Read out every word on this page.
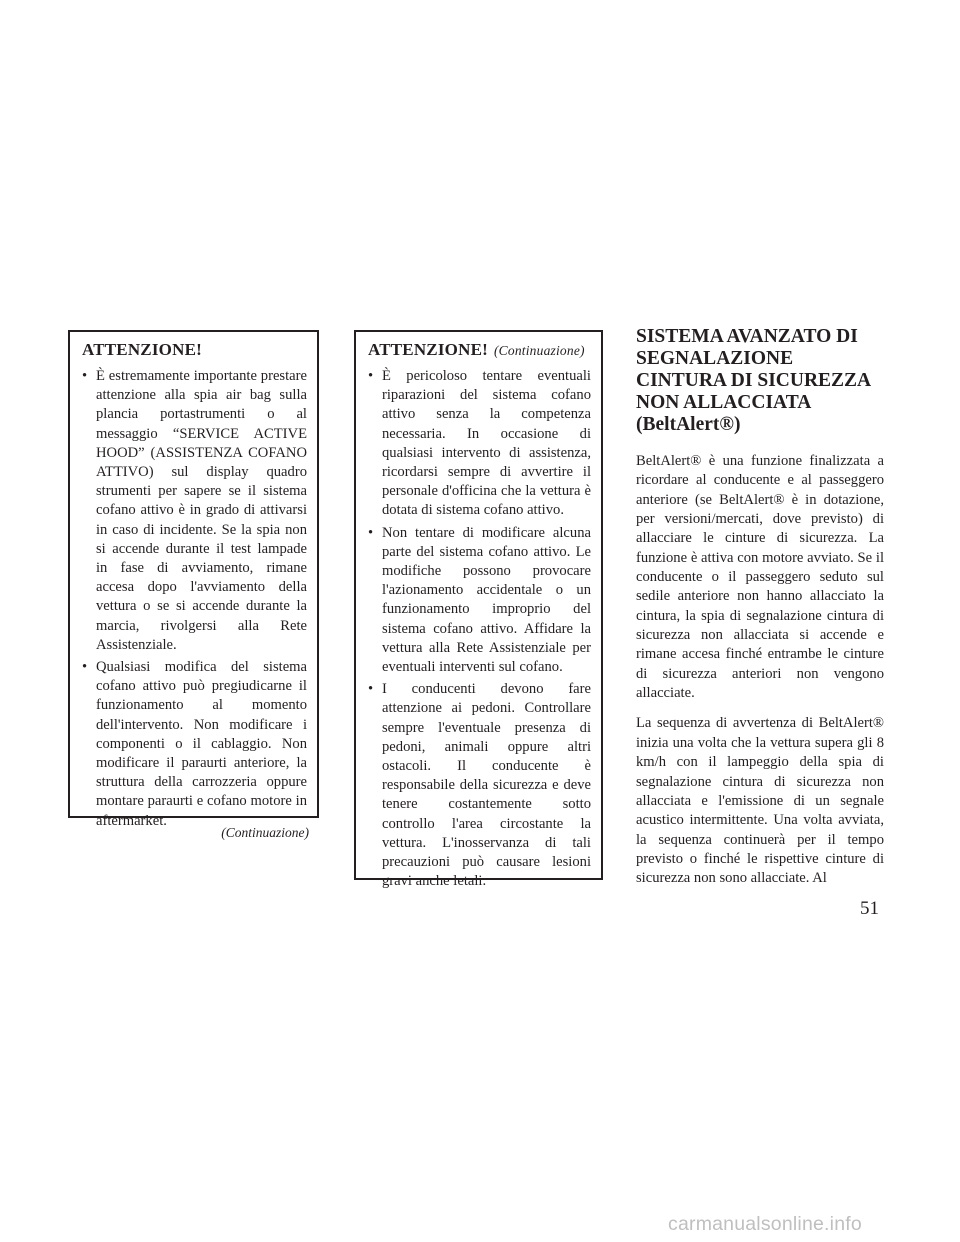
ATTENZIONE!
• È estremamente importante prestare attenzione alla spia air bag sulla plancia portastrumenti o al messaggio “SERVICE ACTIVE HOOD” (ASSISTENZA COFANO ATTIVO) sul display quadro strumenti per sapere se il sistema cofano attivo è in grado di attivarsi in caso di incidente. Se la spia non si accende durante il test lampade in fase di avviamento, rimane accesa dopo l'avviamento della vettura o se si accende durante la marcia, rivolgersi alla Rete Assistenziale.
• Qualsiasi modifica del sistema cofano attivo può pregiudicarne il funzionamento al momento dell'intervento. Non modificare i componenti o il cablaggio. Non modificare il paraurti anteriore, la struttura della carrozzeria oppure montare paraurti e cofano motore in aftermarket.
(Continuazione)
ATTENZIONE! (Continuazione)
• È pericoloso tentare eventuali riparazioni del sistema cofano attivo senza la competenza necessaria. In occasione di qualsiasi intervento di assistenza, ricordarsi sempre di avvertire il personale d'officina che la vettura è dotata di sistema cofano attivo.
• Non tentare di modificare alcuna parte del sistema cofano attivo. Le modifiche possono provocare l'azionamento accidentale o un funzionamento improprio del sistema cofano attivo. Affidare la vettura alla Rete Assistenziale per eventuali interventi sul cofano.
• I conducenti devono fare attenzione ai pedoni. Controllare sempre l'eventuale presenza di pedoni, animali oppure altri ostacoli. Il conducente è responsabile della sicurezza e deve tenere costantemente sotto controllo l'area circostante la vettura. L'inosservanza di tali precauzioni può causare lesioni gravi anche letali.
SISTEMA AVANZATO DI SEGNALAZIONE CINTURA DI SICUREZZA NON ALLACCIATA (BeltAlert®)

BeltAlert® è una funzione finalizzata a ricordare al conducente e al passeggero anteriore (se BeltAlert® è in dotazione, per versioni/mercati, dove previsto) di allacciare le cinture di sicurezza. La funzione è attiva con motore avviato. Se il conducente o il passeggero seduto sul sedile anteriore non hanno allacciato la cintura, la spia di segnalazione cintura di sicurezza non allacciata si accende e rimane accesa finché entrambe le cinture di sicurezza anteriori non vengono allacciate.

La sequenza di avvertenza di BeltAlert® inizia una volta che la vettura supera gli 8 km/h con il lampeggio della spia di segnalazione cintura di sicurezza non allacciata e l'emissione di un segnale acustico intermittente. Una volta avviata, la sequenza continuerà per il tempo previsto o finché le rispettive cinture di sicurezza non sono allacciate. Al

51
carmanualsonline.info
